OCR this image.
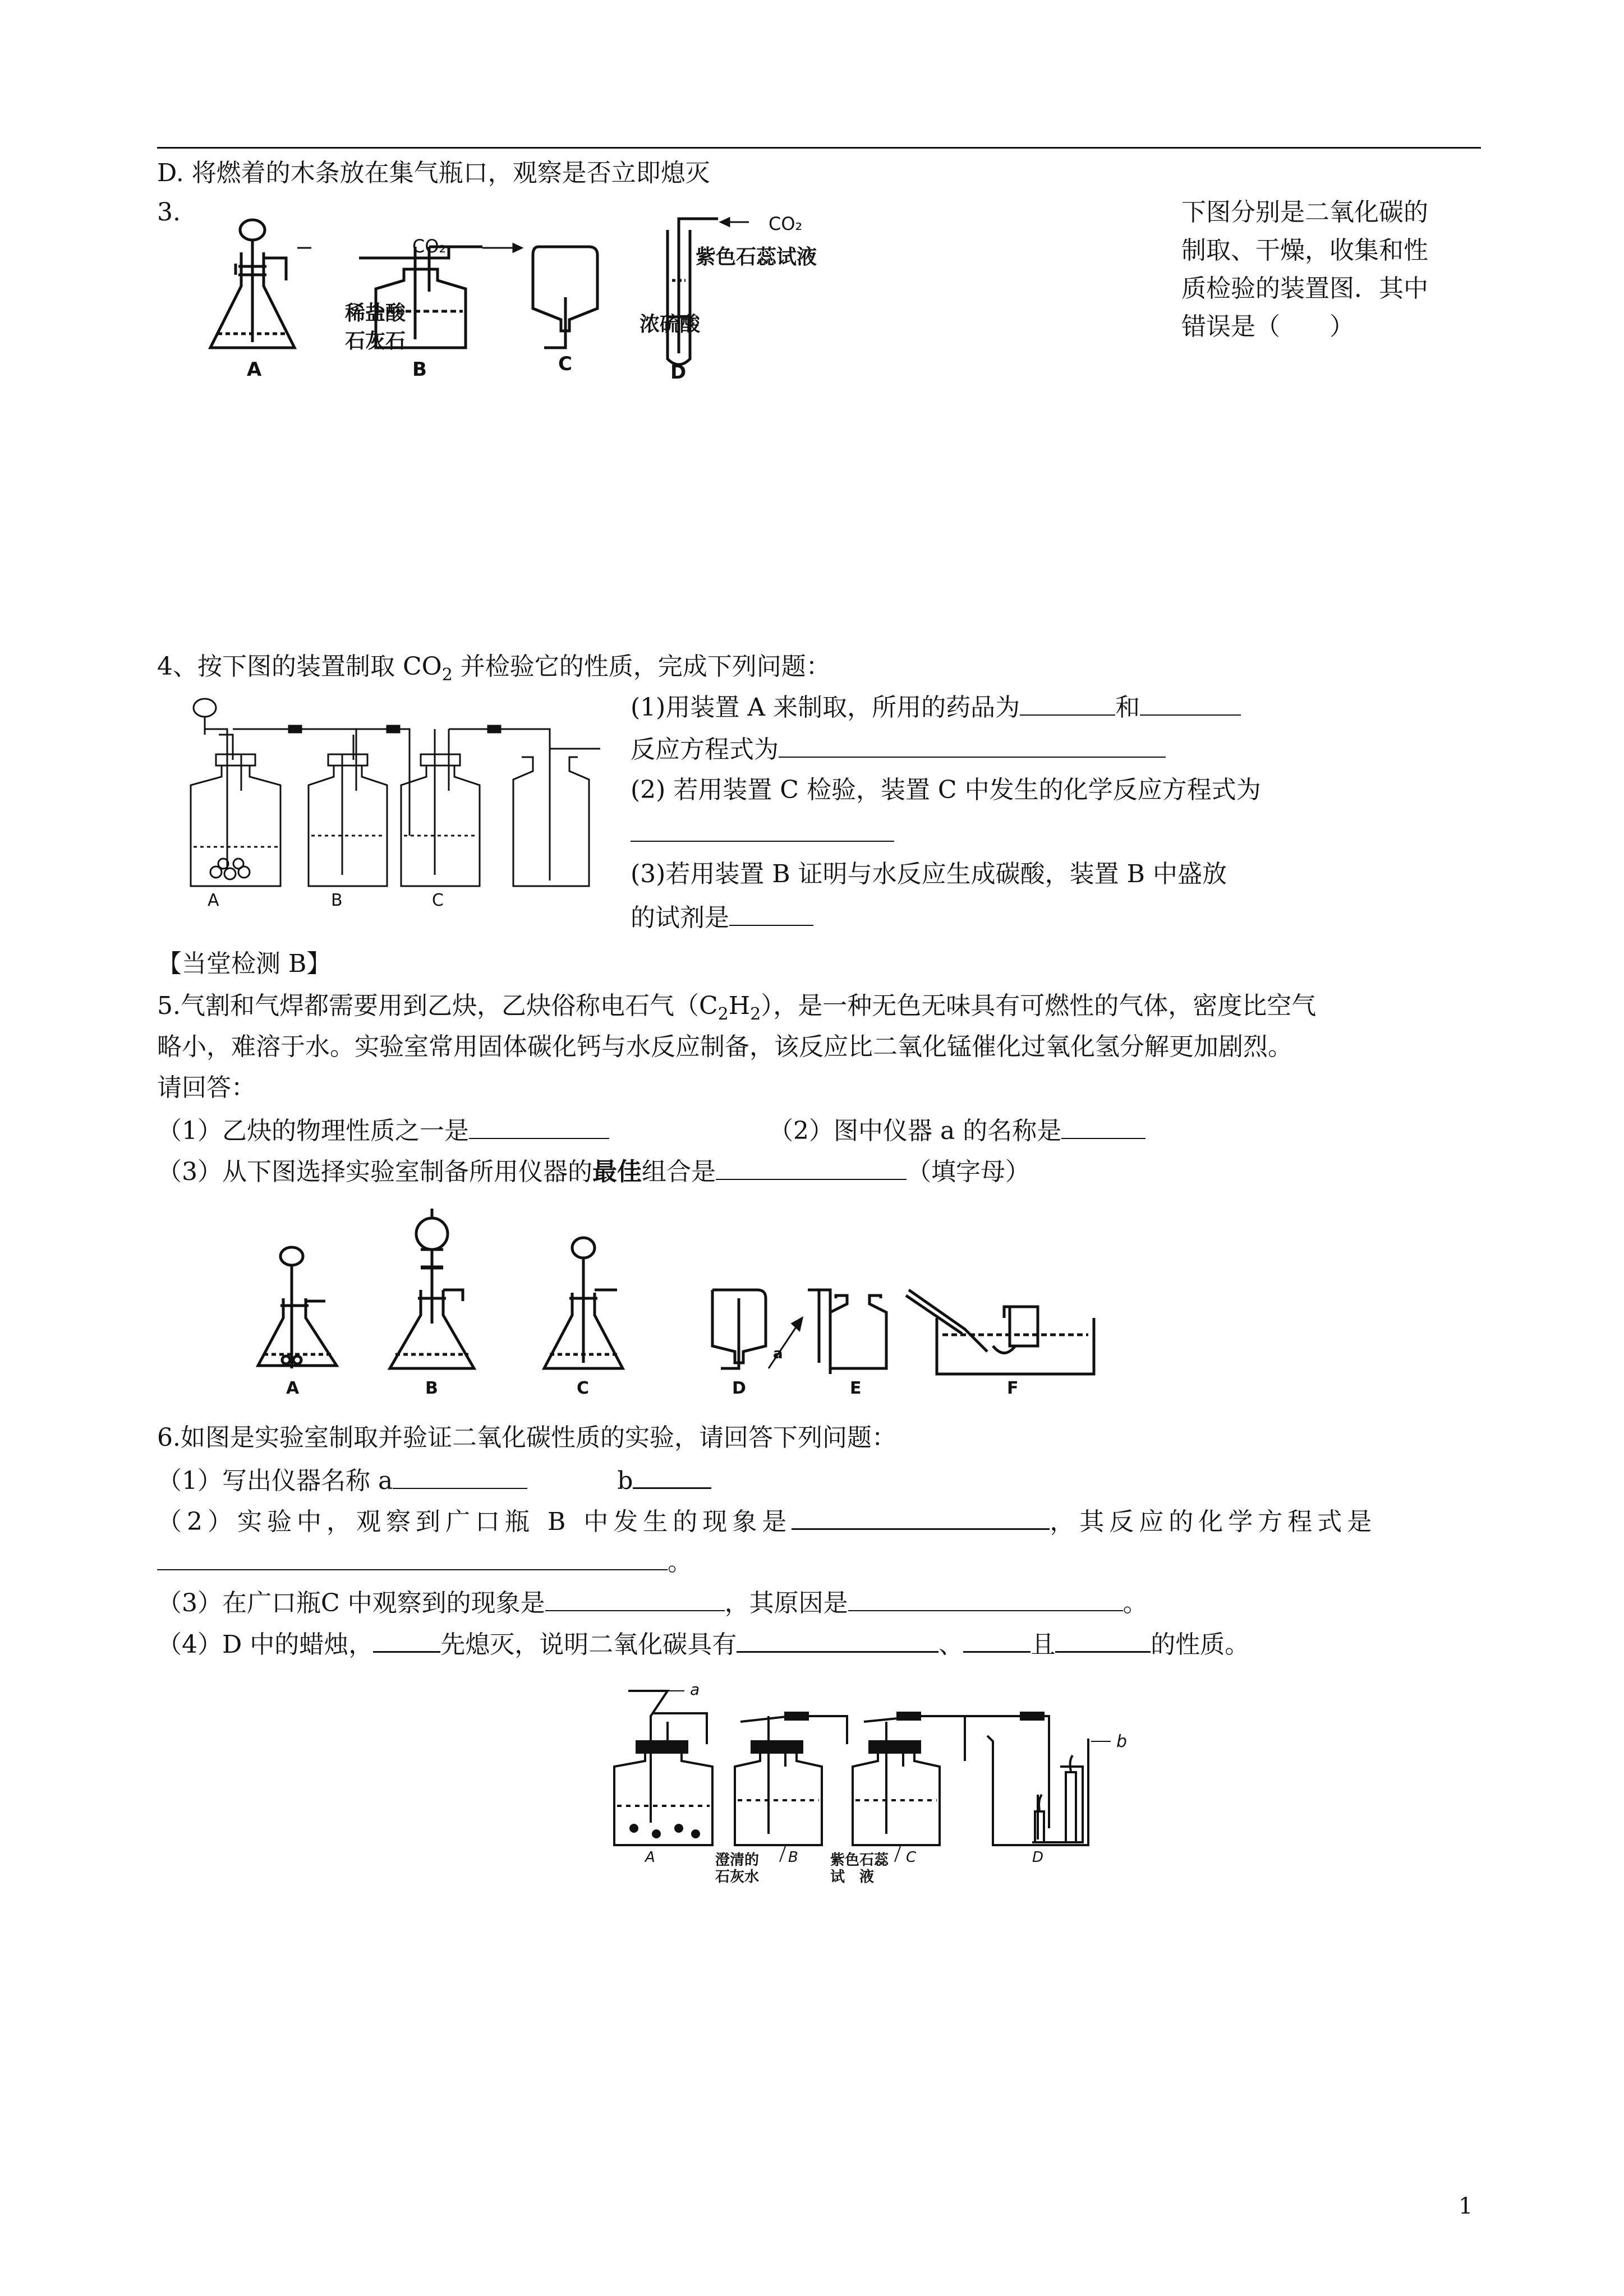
D. 将燃着的木条放在集气瓶口，观察是否立即熄灭
3.	下图分别是二氧化碳的
制取、干燥，收集和性
质检验的装置图．其中
错误是（　　）
CO₂
CO₂
稀盐酸
石灰石
浓硫酸
紫色石蕊试液
A	B	C	D
4、按下图的装置制取 $CO_2$ 并检验它的性质，完成下列问题：
A	B	C
(1)用装置 A 来制取，所用的药品为	和
反应方程式为
(2) 若用装置 C 检验，装置 C 中发生的化学反应方程式为
(3)若用装置 B 证明与水反应生成碳酸，装置 B 中盛放
的试剂是
【当堂检测 B】
5.气割和气焊都需要用到乙炔，乙炔俗称电石气$(C_2H_2)$，是一种无色无味具有可燃性的气体，密度比空气
略小，难溶于水。实验室常用固体碳化钙与水反应制备，该反应比二氧化锰催化过氧化氢分解更加剧烈。
请回答：
（1）乙炔的物理性质之一是	（2）图中仪器 a 的名称是
（3）从下图选择实验室制备所用仪器的最佳组合是	（填字母）
a
A	B	C	D	E	F
6.如图是实验室制取并验证二氧化碳性质的实验，请回答下列问题：
（1）写出仪器名称 a	b
（2）实验中，观察到广口瓶 B 中发生的现象是	，其反应的化学方程式是
。
（3）在广口瓶C 中观察到的现象是	，其原因是	。
（4）D 中的蜡烛，	先熄灭，说明二氧化碳具有	、	且	的性质。
a
b
A	B	C	D
澄清的
石灰水
紫色石蕊
试　液
1
